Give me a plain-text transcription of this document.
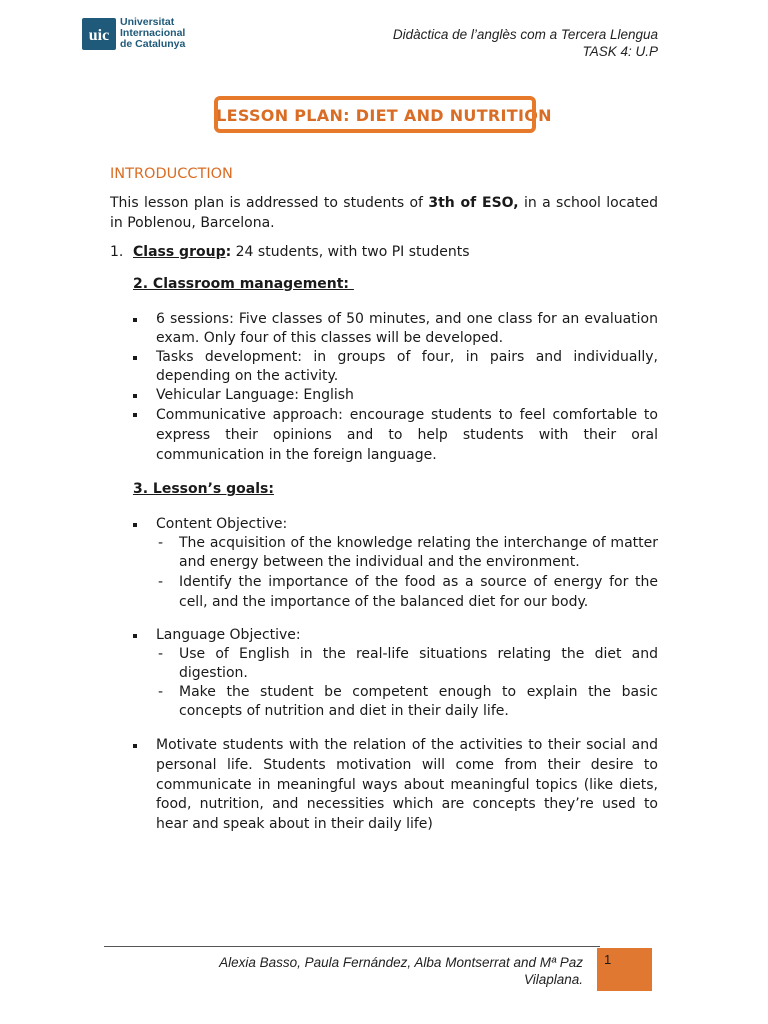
uic
Universitat
Internacional
de Catalunya
Didàctica de l’anglès com a Tercera Llengua
TASK 4: U.P
LESSON PLAN: DIET AND NUTRITION
INTRODUCCTION

This lesson plan is addressed to students of 3th of ESO, in a school located in Poblenou, Barcelona.

1. Class group: 24 students, with two PI students
2. Classroom management:
6 sessions: Five classes of 50 minutes, and one class for an evaluation exam. Only four of this classes will be developed.
Tasks development: in groups of four, in pairs and individually, depending on the activity.
Vehicular Language: English
Communicative approach: encourage students to feel comfortable to express their opinions and to help students with their oral communication in the foreign language.
3. Lesson’s goals:
Content Objective:
- The acquisition of the knowledge relating the interchange of matter and energy between the individual and the environment.
- Identify the importance of the food as a source of energy for the cell, and the importance of the balanced diet for our body.
Language Objective:
- Use of English in the real-life situations relating the diet and digestion.
- Make the student be competent enough to explain the basic concepts of nutrition and diet in their daily life.
Motivate students with the relation of the activities to their social and personal life. Students motivation will come from their desire to communicate in meaningful ways about meaningful topics (like diets, food, nutrition, and necessities which are concepts they’re used to hear and speak about in their daily life)
Alexia Basso, Paula Fernández, Alba Montserrat and Mª Paz
Vilaplana.
1
